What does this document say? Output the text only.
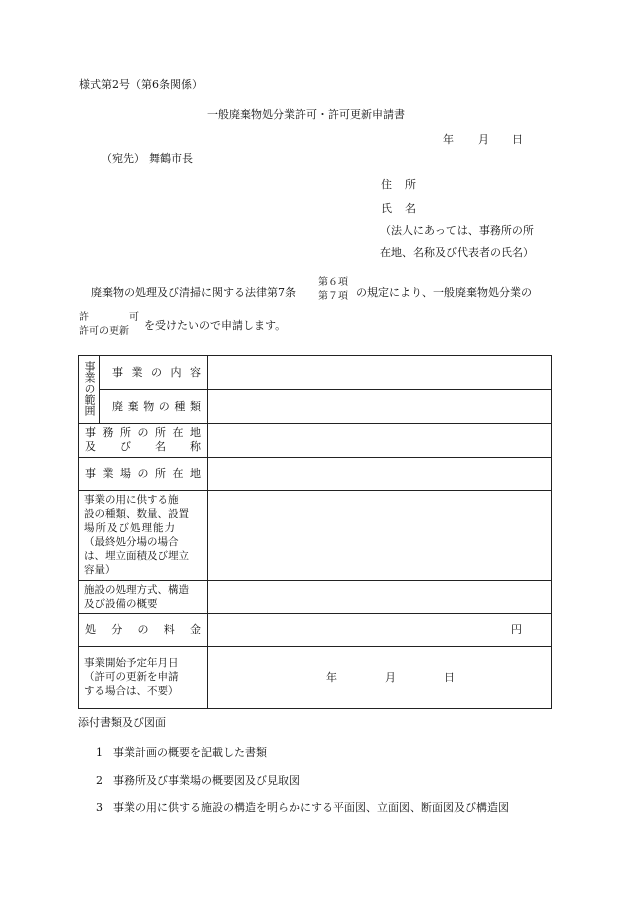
様式第2号（第6条関係）
一般廃棄物処分業許可・許可更新申請書
年 月 日
（宛先） 舞鶴市長
住 所
氏 名
（法人にあっては、事務所の所
在地、名称及び代表者の氏名）
廃棄物の処理及び清掃に関する法律第7条
第６項
第７項 の規定により、一般廃棄物処分業の
許	可
許可の更新 を受けたいので申請します。
事業の範囲 事 業 の 内 容
廃 棄 物 の 種 類
事 務 所 の 所 在 地
及 び 名 称
事 業 場 の 所 在 地
事業の用に供する施
設の種類、数量、設置
場所及び処理能力
（最終処分場の場合
は、埋立面積及び埋立
容量）
施設の処理方式、構造
及び設備の概要
処 分 の 料 金	円
事業開始予定年月日
（許可の更新を申請
する場合は、不要）
年	月	日
添付書類及び図面
1 事業計画の概要を記載した書類
2 事務所及び事業場の概要図及び見取図
3 事業の用に供する施設の構造を明らかにする平面図、立面図、断面図及び構造図
